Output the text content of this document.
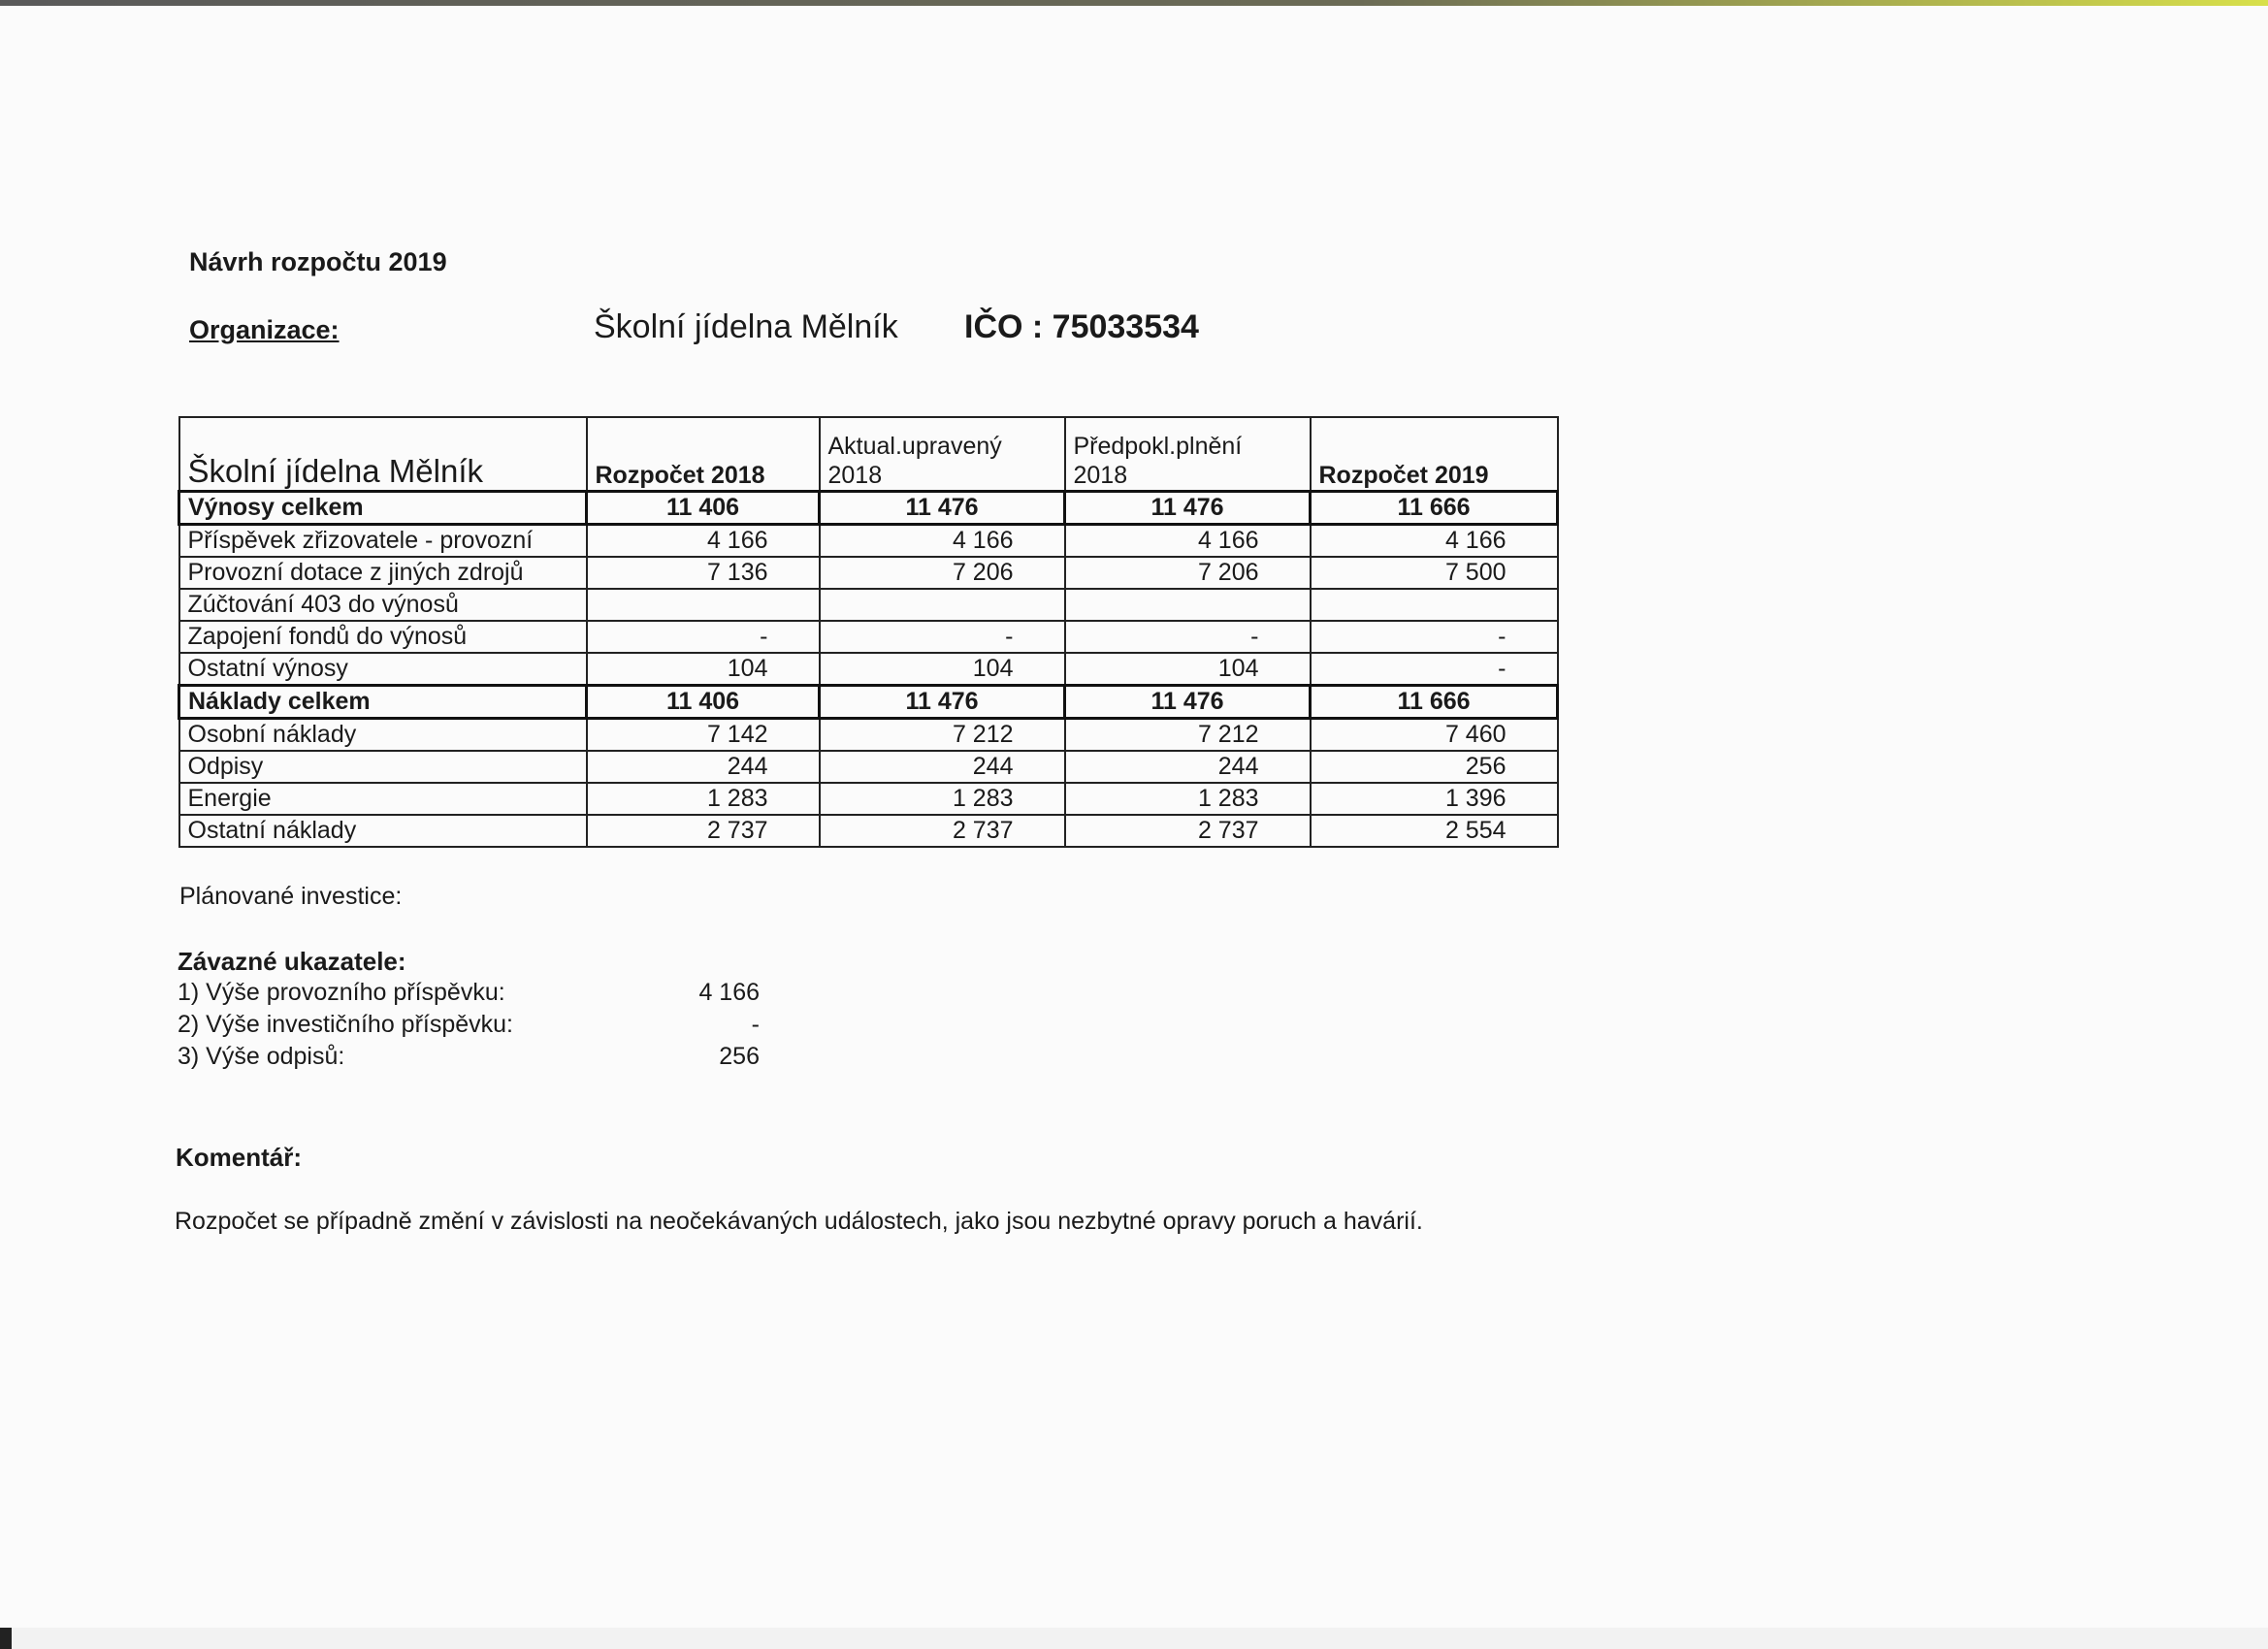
Návrh rozpočtu 2019
Organizace:	Školní jídelna Mělník IČO : 75033534
Školní jídelna Mělník	Rozpočet 2018	Aktual.upravený 2018	Předpokl.plnění 2018	Rozpočet 2019
Výnosy celkem	11 406	11 476	11 476	11 666
Příspěvek zřizovatele - provozní	4 166	4 166	4 166	4 166
Provozní dotace z jiných zdrojů	7 136	7 206	7 206	7 500
Zúčtování 403 do výnosů				
Zapojení fondů do výnosů	-	-	-	-
Ostatní výnosy	104	104	104	-
Náklady celkem	11 406	11 476	11 476	11 666
Osobní náklady	7 142	7 212	7 212	7 460
Odpisy	244	244	244	256
Energie	1 283	1 283	1 283	1 396
Ostatní náklady	2 737	2 737	2 737	2 554
Plánované investice:
Závazné ukazatele:
1) Výše provozního příspěvku:	4 166
2) Výše investičního příspěvku:	-
3) Výše odpisů:	256
Komentář:
Rozpočet se případně změní v závislosti na neočekávaných událostech, jako jsou nezbytné opravy poruch a havárií.
